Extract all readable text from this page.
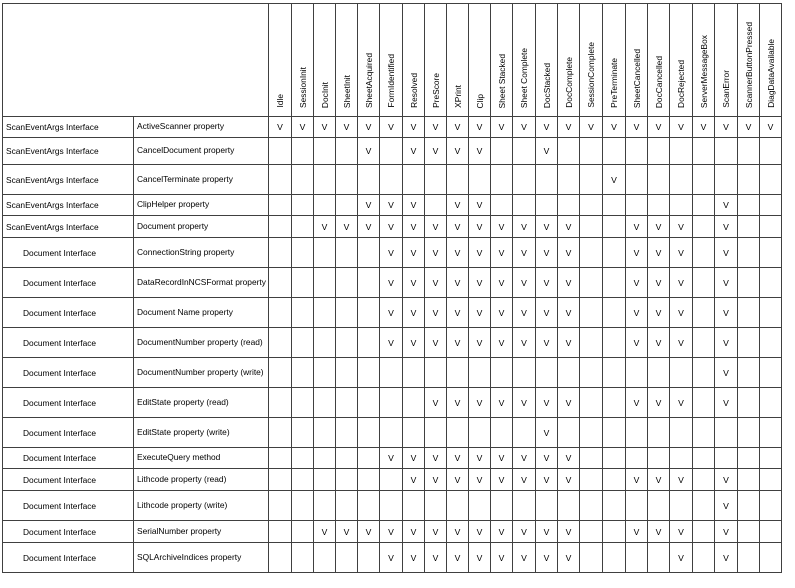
		Idle	SessionInit	DocInit	SheetInit	SheetAcquired	FormIdentified	Resolved	PreScore	XPrint	Clip	Sheet Stacked	Sheet Complete	DocStacked	DocComplete	SessionComplete	PreTerminate	SheetCancelled	DocCancelled	DocRejected	ServerMessageBox	ScanError	ScannerButtonPressed	DiagDataAvailable

ScanEventArgs Interface	ActiveScanner property	V	V	V	V	V	V	V	V	V	V	V	V	V	V	V	V	V	V	V	V	V	V	V
ScanEventArgs Interface	CancelDocument property					V		V	V	V	V			V										
ScanEventArgs Interface	CancelTerminate property																V							
ScanEventArgs Interface	ClipHelper property					V	V	V		V	V											V		
ScanEventArgs Interface	Document property			V	V	V	V	V	V	V	V	V	V	V	V			V	V	V		V		
Document Interface	ConnectionString property						V	V	V	V	V	V	V	V	V			V	V	V		V		
Document Interface	DataRecordInNCSFormat property						V	V	V	V	V	V	V	V	V			V	V	V		V		
Document Interface	Document Name property						V	V	V	V	V	V	V	V	V			V	V	V		V		
Document Interface	DocumentNumber property (read)						V	V	V	V	V	V	V	V	V			V	V	V		V		
Document Interface	DocumentNumber property (write)																					V		
Document Interface	EditState property (read)								V	V	V	V	V	V	V			V	V	V		V		
Document Interface	EditState property (write)													V										
Document Interface	ExecuteQuery method						V	V	V	V	V	V	V	V	V									
Document Interface	Lithcode property (read)							V	V	V	V	V	V	V	V			V	V	V		V		
Document Interface	Lithcode property (write)																					V		
Document Interface	SerialNumber property			V	V	V	V	V	V	V	V	V	V	V	V			V	V	V		V		
Document Interface	SQLArchiveIndices property						V	V	V	V	V	V	V	V	V					V		V		
